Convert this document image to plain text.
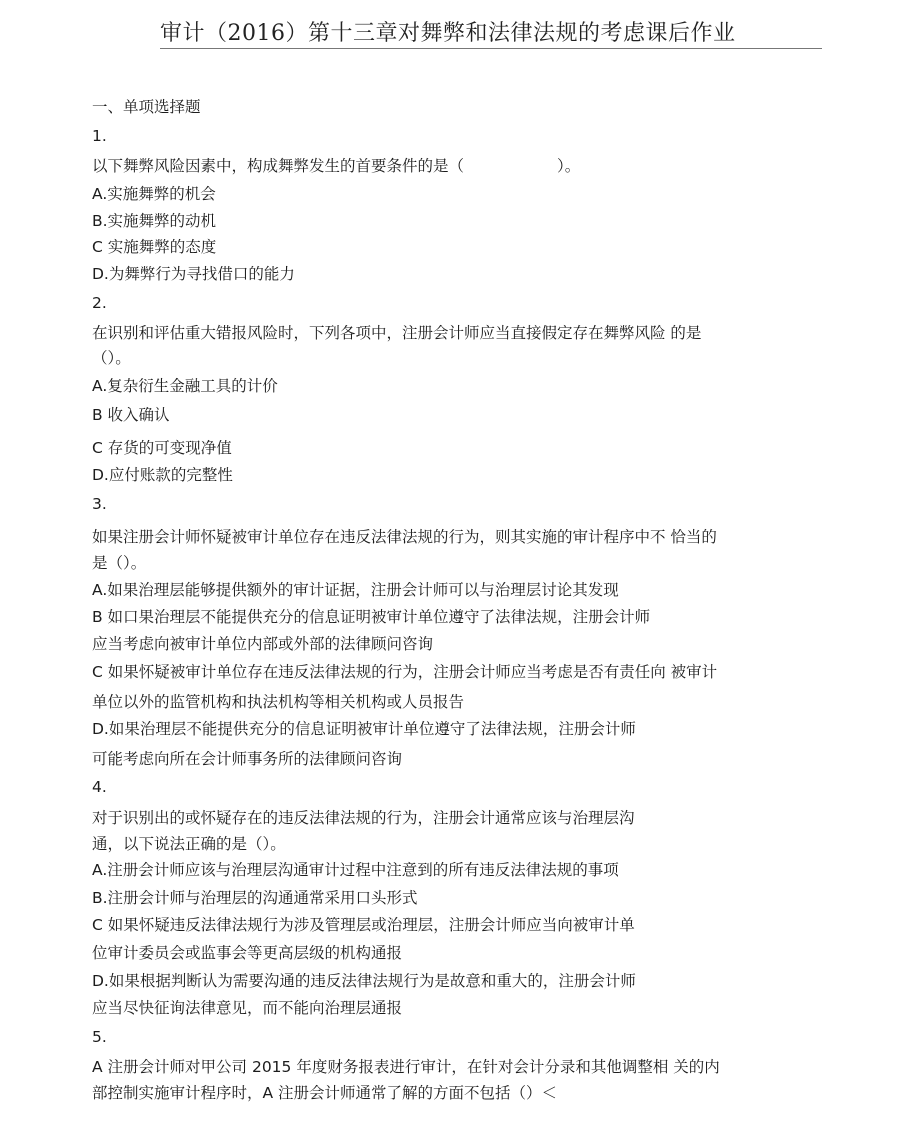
审计（2016）第十三章对舞弊和法律法规的考虑课后作业
一、单项选择题
1.
以下舞弊风险因素中，构成舞弊发生的首要条件的是（　　　　　　）。
A.实施舞弊的机会
B.实施舞弊的动机
C 实施舞弊的态度
D.为舞弊行为寻找借口的能力
2.
在识别和评估重大错报风险时，下列各项中，注册会计师应当直接假定存在舞弊风险 的是
（）。
A.复杂衍生金融工具的计价
B 收入确认
C 存货的可变现净值
D.应付账款的完整性
3.
如果注册会计师怀疑被审计单位存在违反法律法规的行为，则其实施的审计程序中不 恰当的
是（）。
A.如果治理层能够提供额外的审计证据，注册会计师可以与治理层讨论其发现
B 如口果治理层不能提供充分的信息证明被审计单位遵守了法律法规，注册会计师
应当考虑向被审计单位内部或外部的法律顾问咨询
C 如果怀疑被审计单位存在违反法律法规的行为，注册会计师应当考虑是否有责任向 被审计
单位以外的监管机构和执法机构等相关机构或人员报告
D.如果治理层不能提供充分的信息证明被审计单位遵守了法律法规，注册会计师
可能考虑向所在会计师事务所的法律顾问咨询
4.
对于识别出的或怀疑存在的违反法律法规的行为，注册会计通常应该与治理层沟
通，以下说法正确的是（）。
A.注册会计师应该与治理层沟通审计过程中注意到的所有违反法律法规的事项
B.注册会计师与治理层的沟通通常采用口头形式
C 如果怀疑违反法律法规行为涉及管理层或治理层，注册会计师应当向被审计单
位审计委员会或监事会等更高层级的机构通报
D.如果根据判断认为需要沟通的违反法律法规行为是故意和重大的，注册会计师
应当尽快征询法律意见，而不能向治理层通报
5.
A 注册会计师对甲公司 2015 年度财务报表进行审计，在针对会计分录和其他调整相 关的内
部控制实施审计程序时，A 注册会计师通常了解的方面不包括（）＜
